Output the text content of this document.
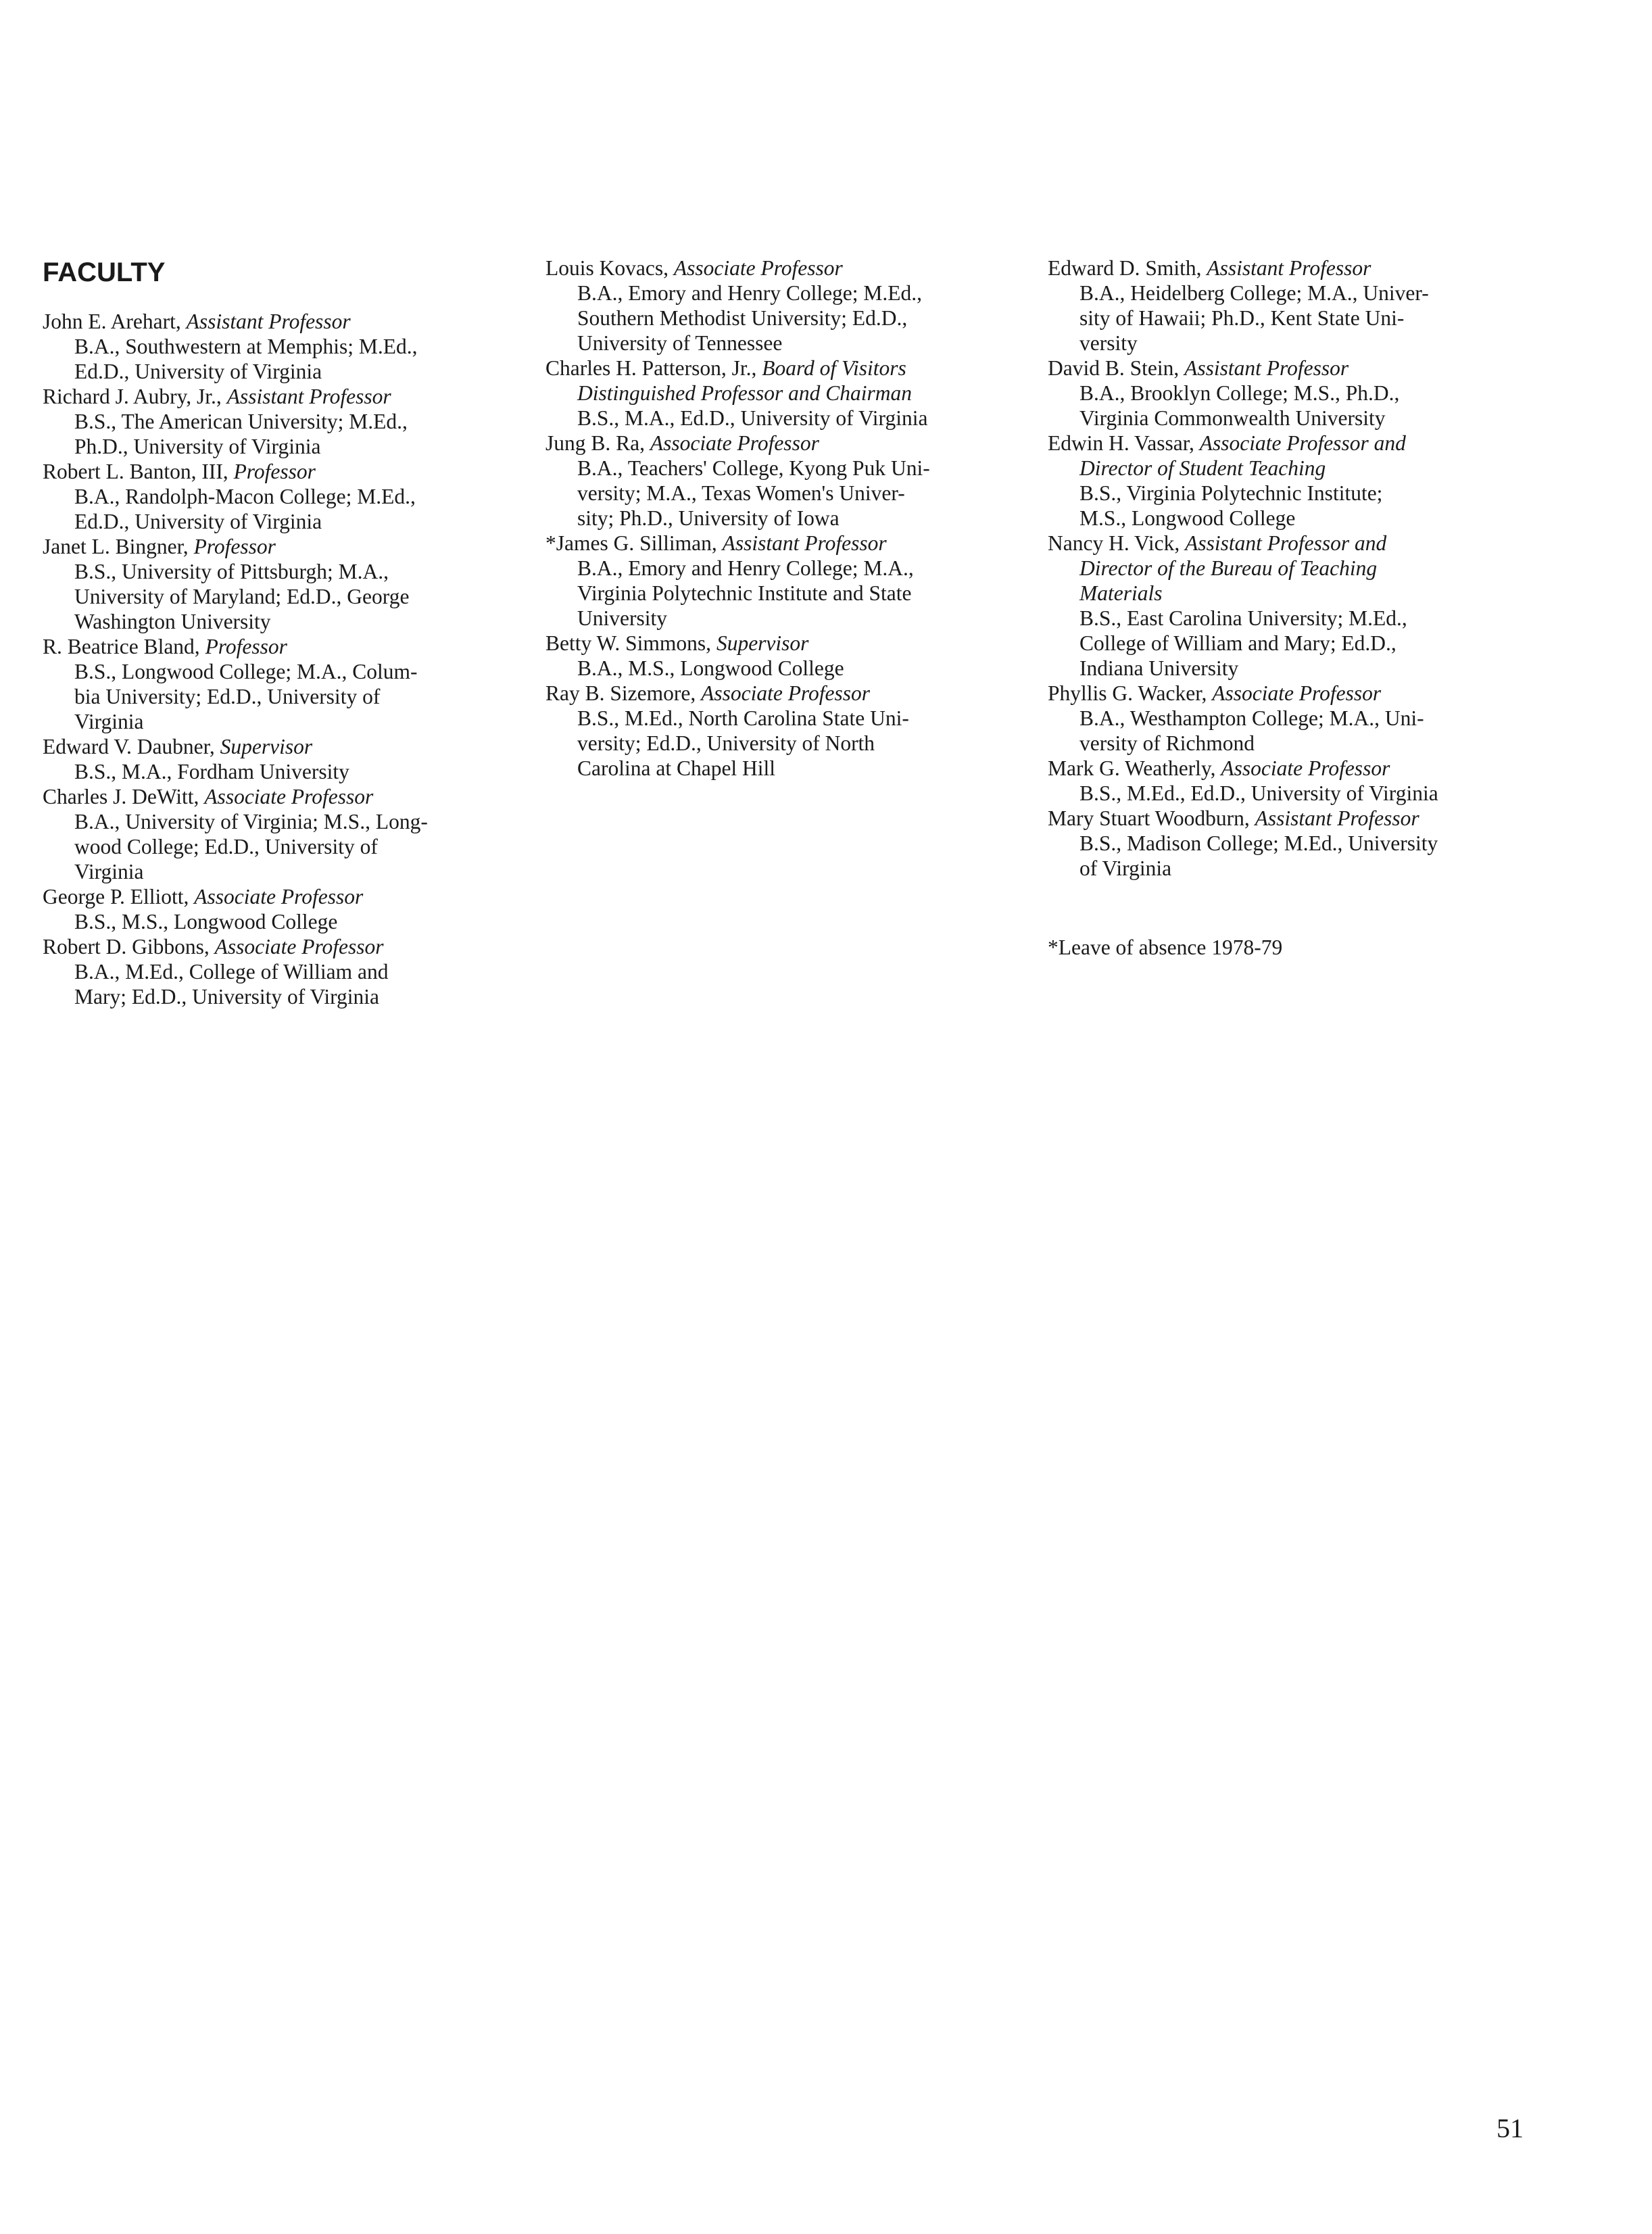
FACULTY
John E. Arehart, Assistant Professor
B.A., Southwestern at Memphis; M.Ed.,
Ed.D., University of Virginia
Richard J. Aubry, Jr., Assistant Professor
B.S., The American University; M.Ed.,
Ph.D., University of Virginia
Robert L. Banton, III, Professor
B.A., Randolph-Macon College; M.Ed.,
Ed.D., University of Virginia
Janet L. Bingner, Professor
B.S., University of Pittsburgh; M.A.,
University of Maryland; Ed.D., George
Washington University
R. Beatrice Bland, Professor
B.S., Longwood College; M.A., Colum-
bia University; Ed.D., University of
Virginia
Edward V. Daubner, Supervisor
B.S., M.A., Fordham University
Charles J. DeWitt, Associate Professor
B.A., University of Virginia; M.S., Long-
wood College; Ed.D., University of
Virginia
George P. Elliott, Associate Professor
B.S., M.S., Longwood College
Robert D. Gibbons, Associate Professor
B.A., M.Ed., College of William and
Mary; Ed.D., University of Virginia
Louis Kovacs, Associate Professor
B.A., Emory and Henry College; M.Ed.,
Southern Methodist University; Ed.D.,
University of Tennessee
Charles H. Patterson, Jr., Board of Visitors
Distinguished Professor and Chairman
B.S., M.A., Ed.D., University of Virginia
Jung B. Ra, Associate Professor
B.A., Teachers' College, Kyong Puk Uni-
versity; M.A., Texas Women's Univer-
sity; Ph.D., University of Iowa
*James G. Silliman, Assistant Professor
B.A., Emory and Henry College; M.A.,
Virginia Polytechnic Institute and State
University
Betty W. Simmons, Supervisor
B.A., M.S., Longwood College
Ray B. Sizemore, Associate Professor
B.S., M.Ed., North Carolina State Uni-
versity; Ed.D., University of North
Carolina at Chapel Hill
Edward D. Smith, Assistant Professor
B.A., Heidelberg College; M.A., Univer-
sity of Hawaii; Ph.D., Kent State Uni-
versity
David B. Stein, Assistant Professor
B.A., Brooklyn College; M.S., Ph.D.,
Virginia Commonwealth University
Edwin H. Vassar, Associate Professor and
Director of Student Teaching
B.S., Virginia Polytechnic Institute;
M.S., Longwood College
Nancy H. Vick, Assistant Professor and
Director of the Bureau of Teaching
Materials
B.S., East Carolina University; M.Ed.,
College of William and Mary; Ed.D.,
Indiana University
Phyllis G. Wacker, Associate Professor
B.A., Westhampton College; M.A., Uni-
versity of Richmond
Mark G. Weatherly, Associate Professor
B.S., M.Ed., Ed.D., University of Virginia
Mary Stuart Woodburn, Assistant Professor
B.S., Madison College; M.Ed., University
of Virginia
*Leave of absence 1978-79
51
